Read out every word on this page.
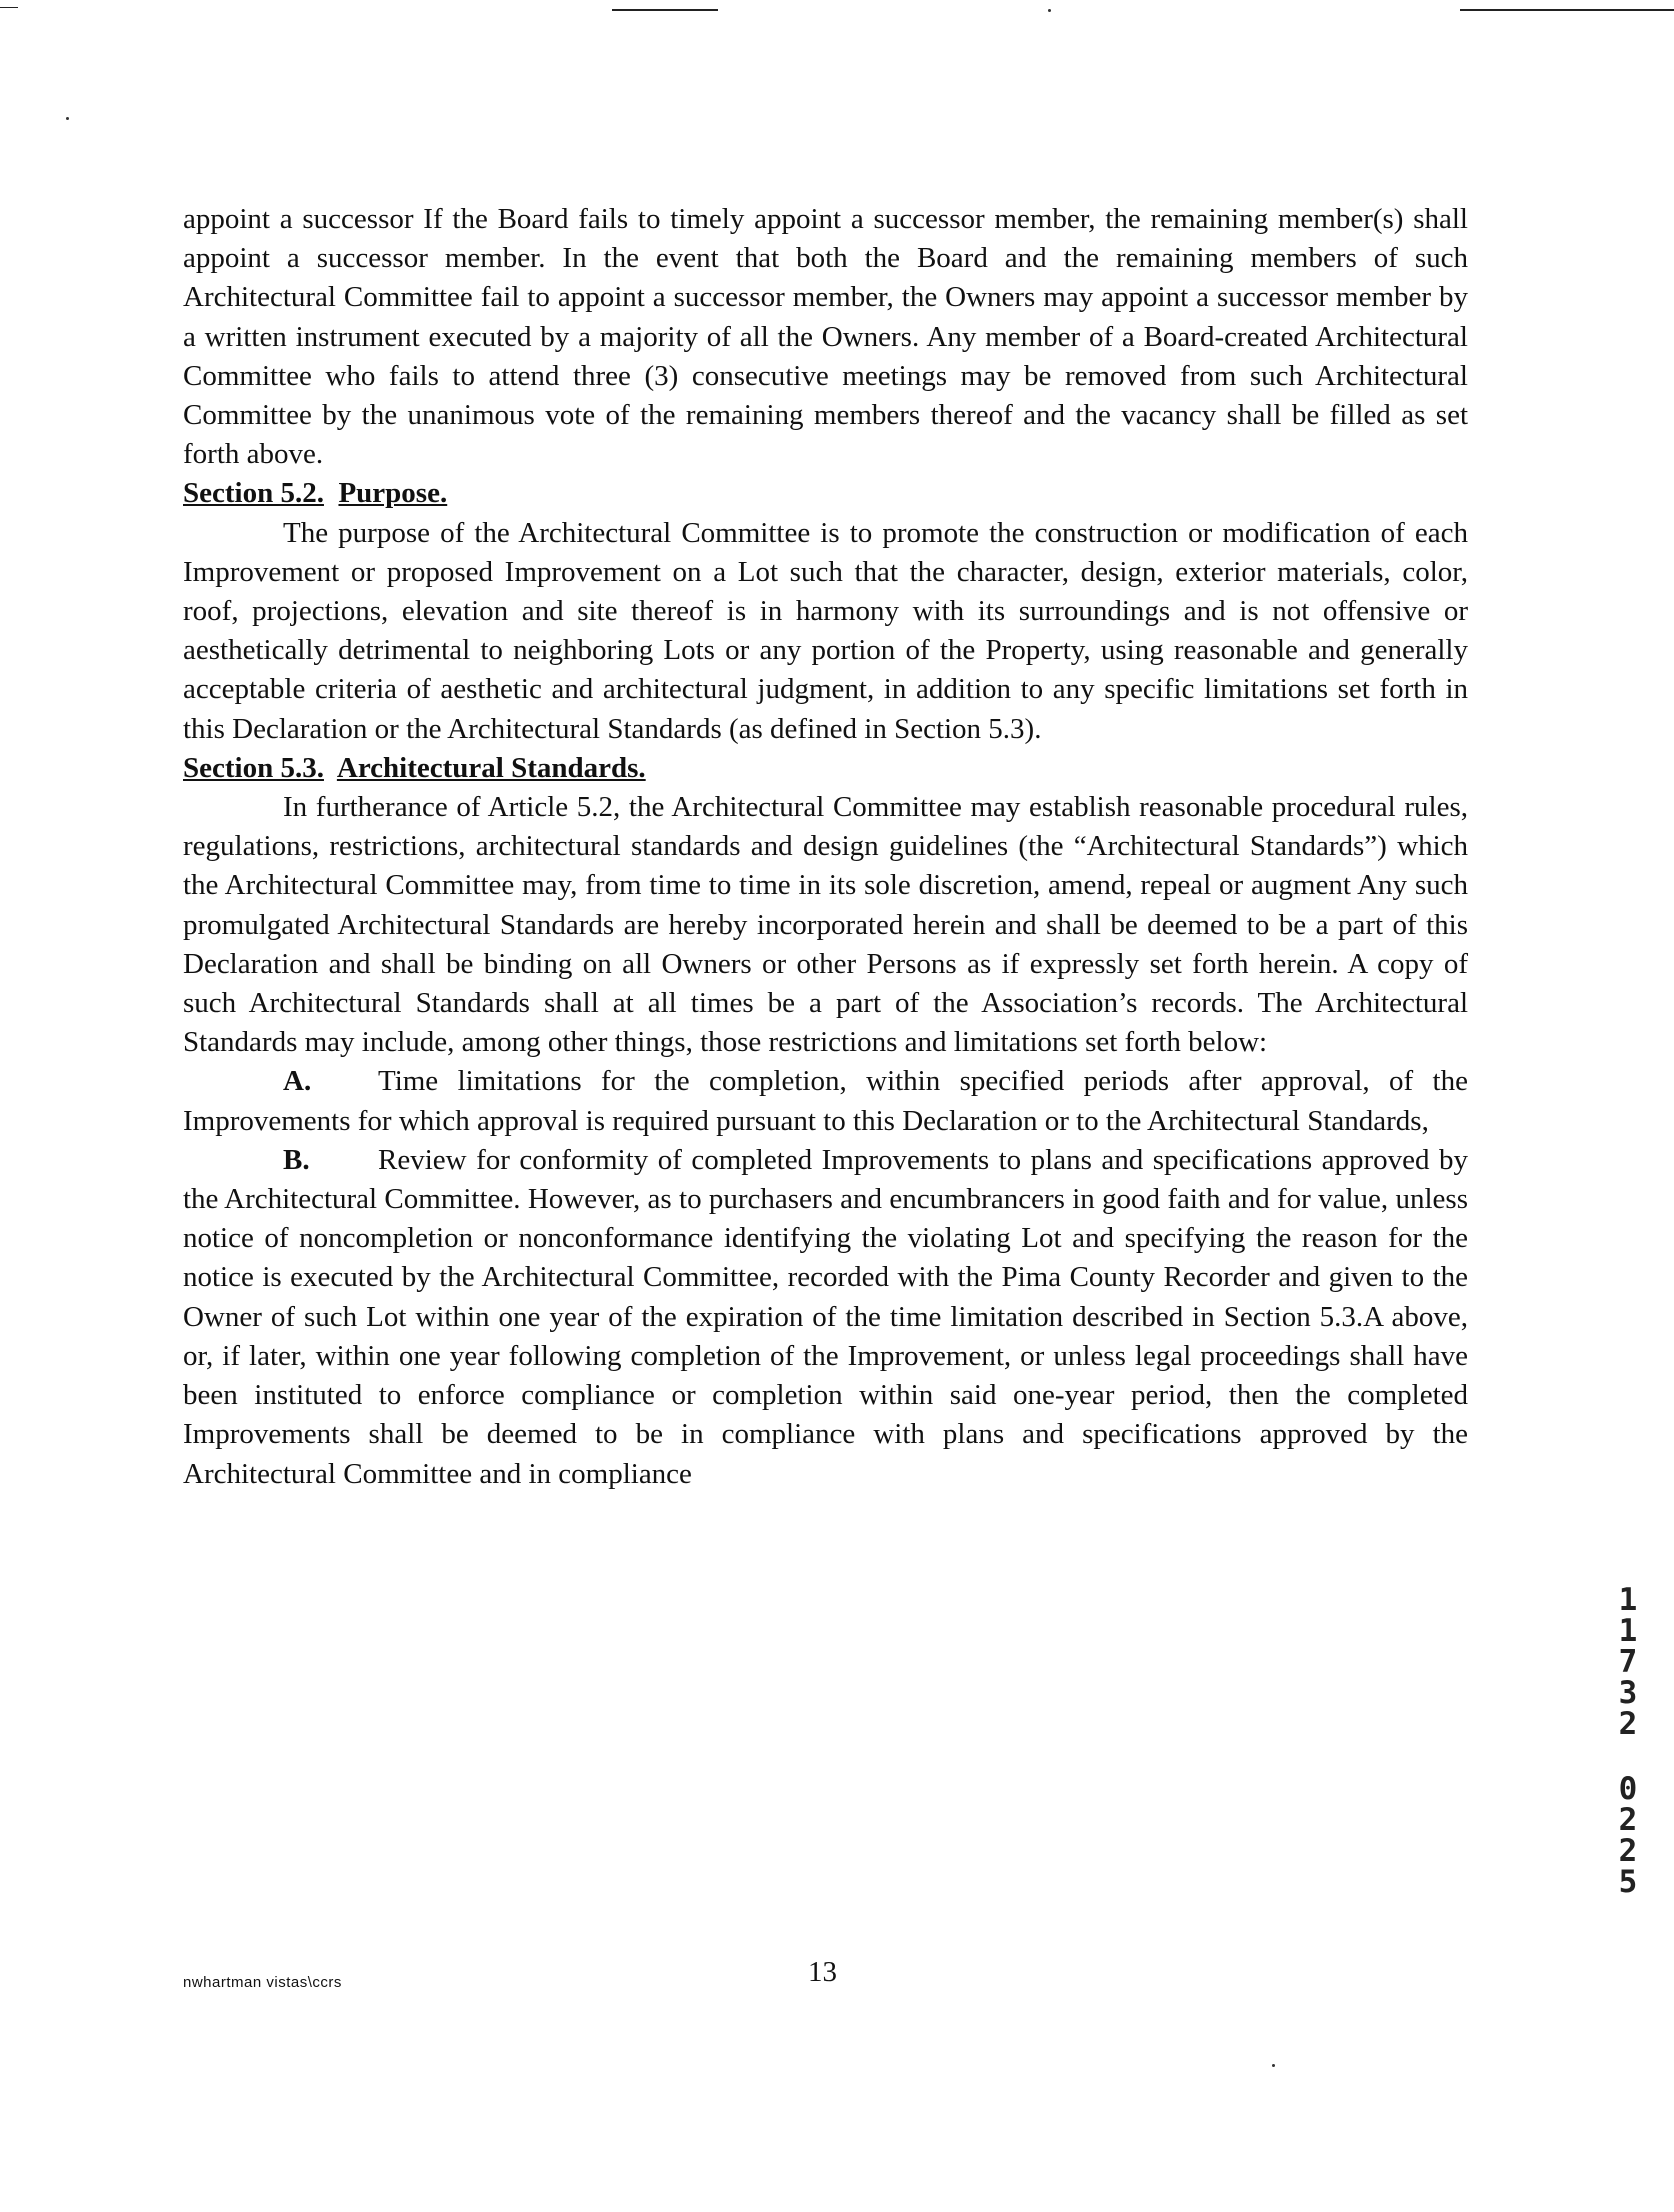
appoint a successor If the Board fails to timely appoint a successor member, the remaining member(s) shall appoint a successor member. In the event that both the Board and the remaining members of such Architectural Committee fail to appoint a successor member, the Owners may appoint a successor member by a written instrument executed by a majority of all the Owners. Any member of a Board-created Architectural Committee who fails to attend three (3) consecutive meetings may be removed from such Architectural Committee by the unanimous vote of the remaining members thereof and the vacancy shall be filled as set forth above.

Section 5.2. Purpose.

The purpose of the Architectural Committee is to promote the construction or modification of each Improvement or proposed Improvement on a Lot such that the character, design, exterior materials, color, roof, projections, elevation and site thereof is in harmony with its surroundings and is not offensive or aesthetically detrimental to neighboring Lots or any portion of the Property, using reasonable and generally acceptable criteria of aesthetic and architectural judgment, in addition to any specific limitations set forth in this Declaration or the Architectural Standards (as defined in Section 5.3).

Section 5.3. Architectural Standards.

In furtherance of Article 5.2, the Architectural Committee may establish reasonable procedural rules, regulations, restrictions, architectural standards and design guidelines (the “Architectural Standards”) which the Architectural Committee may, from time to time in its sole discretion, amend, repeal or augment Any such promulgated Architectural Standards are hereby incorporated herein and shall be deemed to be a part of this Declaration and shall be binding on all Owners or other Persons as if expressly set forth herein. A copy of such Architectural Standards shall at all times be a part of the Association’s records. The Architectural Standards may include, among other things, those restrictions and limitations set forth below:

A. Time limitations for the completion, within specified periods after approval, of the Improvements for which approval is required pursuant to this Declaration or to the Architectural Standards,

B. Review for conformity of completed Improvements to plans and specifications approved by the Architectural Committee. However, as to purchasers and encumbrancers in good faith and for value, unless notice of noncompletion or nonconformance identifying the violating Lot and specifying the reason for the notice is executed by the Architectural Committee, recorded with the Pima County Recorder and given to the Owner of such Lot within one year of the expiration of the time limitation described in Section 5.3.A above, or, if later, within one year following completion of the Improvement, or unless legal proceedings shall have been instituted to enforce compliance or completion within said one-year period, then the completed Improvements shall be deemed to be in compliance with plans and specifications approved by the Architectural Committee and in compliance

nwhartman vistas\ccrs	13
1
1
7
3
2
0
2
2
5
